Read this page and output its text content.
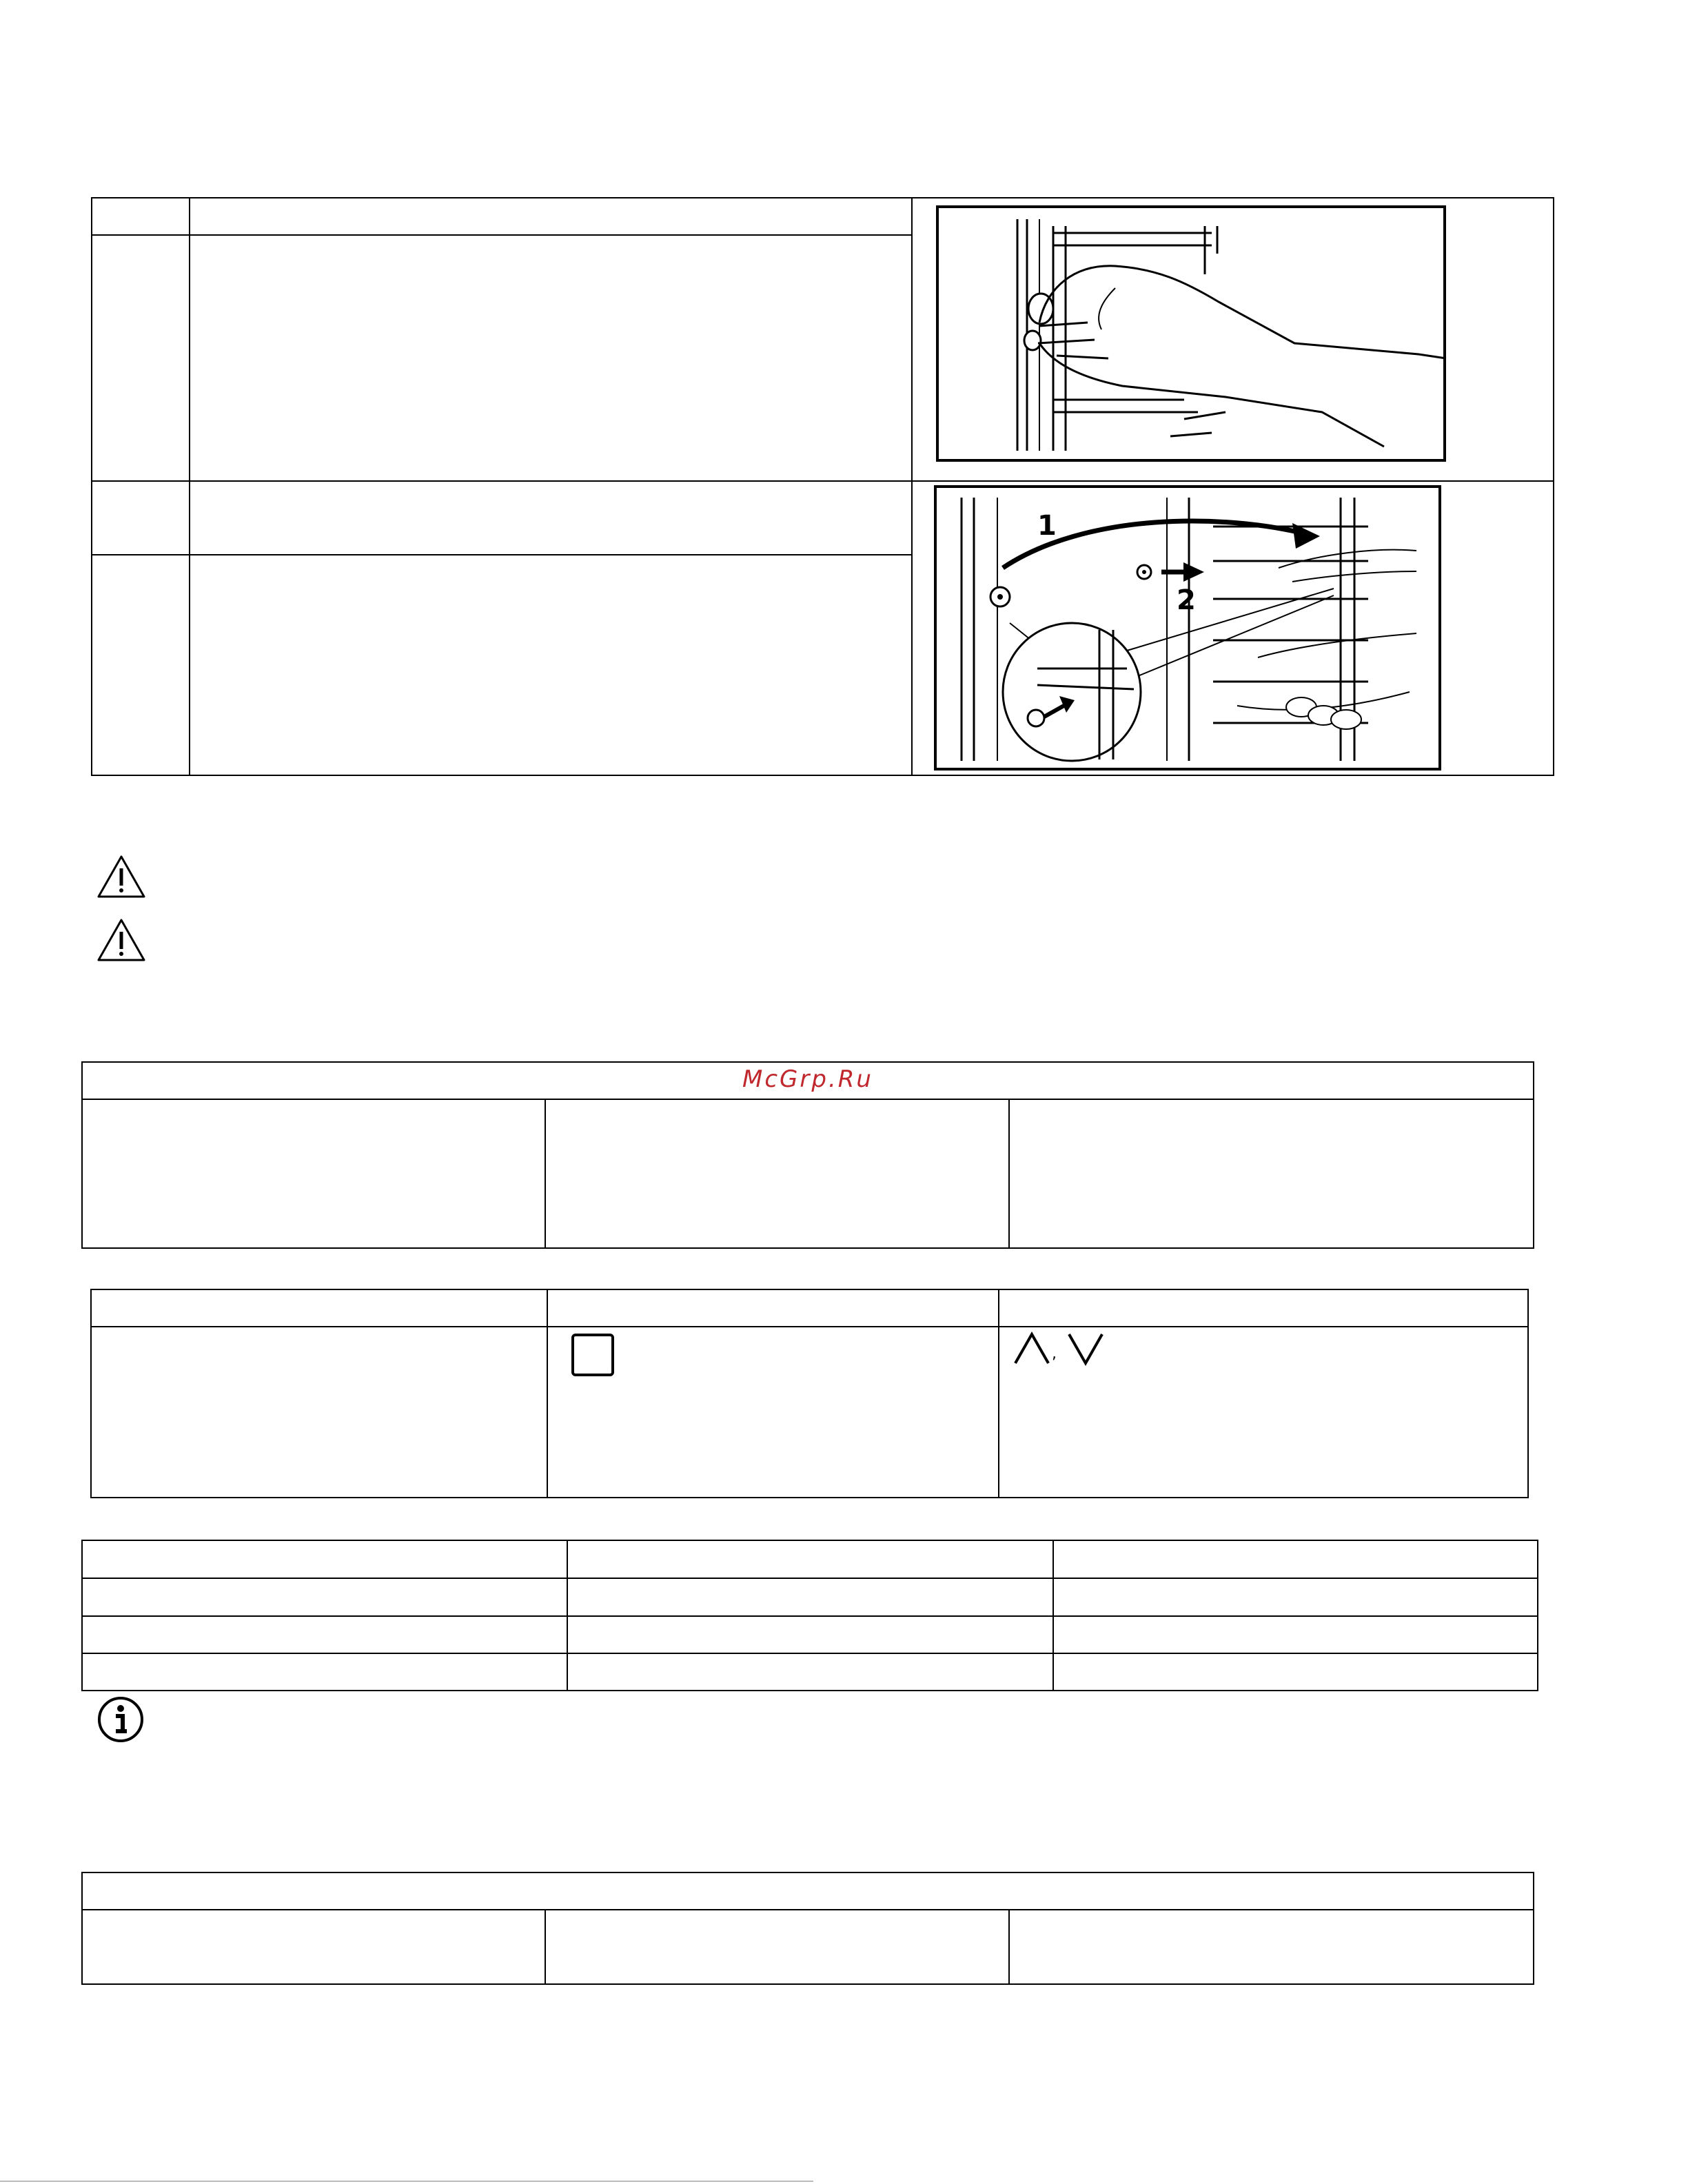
1
2
McGrp.Ru
,
